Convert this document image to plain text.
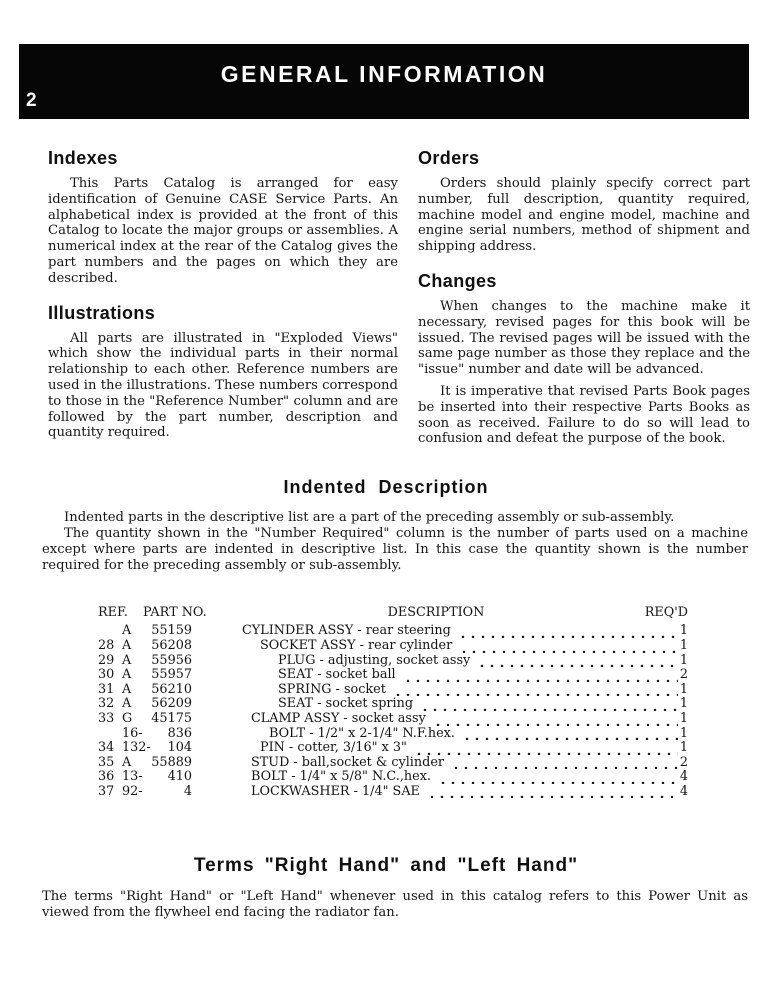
2
GENERAL INFORMATION
Indexes

This Parts Catalog is arranged for easy identification of Genuine CASE Service Parts. An alphabetical index is provided at the front of this Catalog to locate the major groups or assemblies. A numerical index at the rear of the Catalog gives the part numbers and the pages on which they are described.

Illustrations

All parts are illustrated in "Exploded Views" which show the individual parts in their normal relationship to each other. Reference numbers are used in the illustrations. These numbers correspond to those in the "Reference Number" column and are followed by the part number, description and quantity required.

Orders

Orders should plainly specify correct part number, full description, quantity required, machine model and engine model, machine and engine serial numbers, method of shipment and shipping address.

Changes

When changes to the machine make it necessary, revised pages for this book will be issued. The revised pages will be issued with the same page number as those they replace and the "issue" number and date will be advanced.

It is imperative that revised Parts Book pages be inserted into their respective Parts Books as soon as received. Failure to do so will lead to confusion and defeat the purpose of the book.

Indented Description

Indented parts in the descriptive list are a part of the preceding assembly or sub-assembly.

The quantity shown in the "Number Required" column is the number of parts used on a machine except where parts are indented in descriptive list. In this case the quantity shown is the number required for the preceding assembly or sub-assembly.

REF.	PART NO.	DESCRIPTION	REQ'D
A	55159	CYLINDER ASSY - rear steering	1
28 A	56208	SOCKET ASSY - rear cylinder	1
29 A	55956	PLUG - adjusting, socket assy	1
30 A	55957	SEAT - socket ball	2
31 A	56210	SPRING - socket	1
32 A	56209	SEAT - socket spring	1
33 G	45175	CLAMP ASSY - socket assy	1
16-	836	BOLT - 1/2" x 2-1/4" N.F.hex.	1
34 132-	104	PIN - cotter, 3/16" x 3"	1
35 A	55889	STUD - ball,socket & cylinder	2
36 13-	410	BOLT - 1/4" x 5/8" N.C.,hex.	4
37 92-	4	LOCKWASHER - 1/4" SAE	4
Terms "Right Hand" and "Left Hand"

The terms "Right Hand" or "Left Hand" whenever used in this catalog refers to this Power Unit as viewed from the flywheel end facing the radiator fan.
